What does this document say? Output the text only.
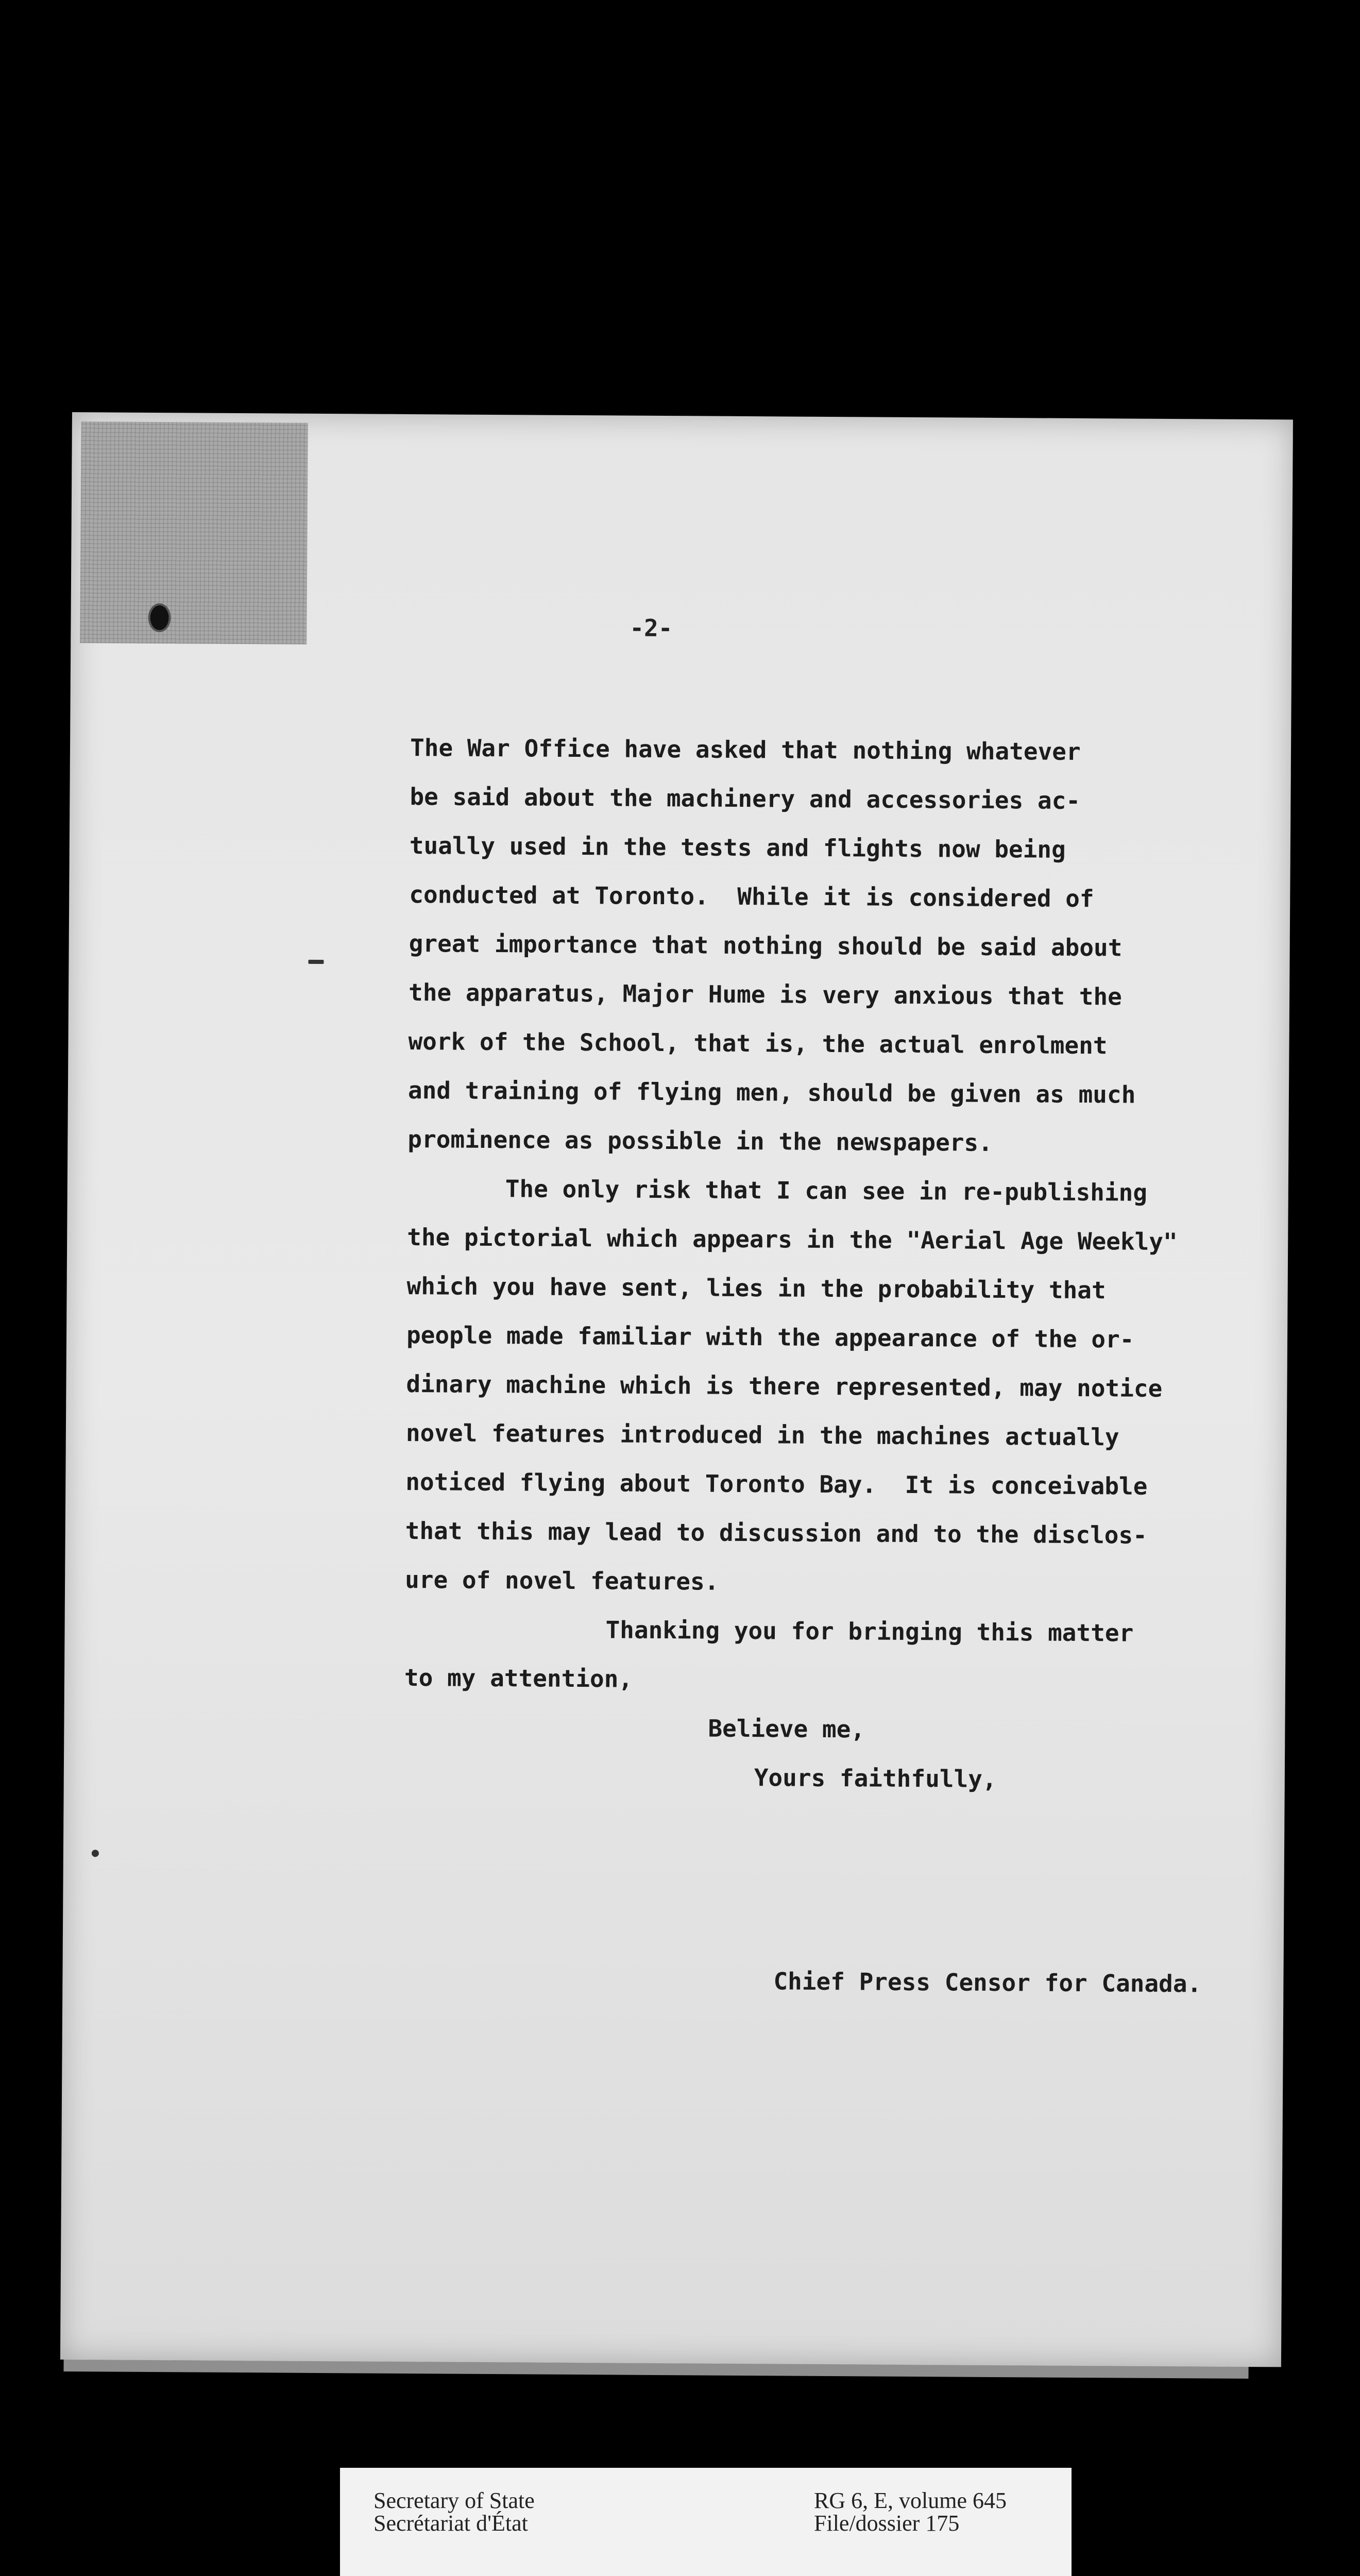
-2-
The War Office have asked that nothing whatever
be said about the machinery and accessories ac-
tually used in the tests and flights now being
conducted at Toronto.  While it is considered of
great importance that nothing should be said about
the apparatus, Major Hume is very anxious that the
work of the School, that is, the actual enrolment
and training of flying men, should be given as much
prominence as possible in the newspapers.
The only risk that I can see in re-publishing
the pictorial which appears in the "Aerial Age Weekly"
which you have sent, lies in the probability that
people made familiar with the appearance of the or-
dinary machine which is there represented, may notice
novel features introduced in the machines actually
noticed flying about Toronto Bay.  It is conceivable
that this may lead to discussion and to the disclos-
ure of novel features.
Thanking you for bringing this matter
to my attention,
Believe me,
Yours faithfully,
Chief Press Censor for Canada.
Secretary of State
Secrétariat d'État
RG 6, E, volume 645
File/dossier 175
